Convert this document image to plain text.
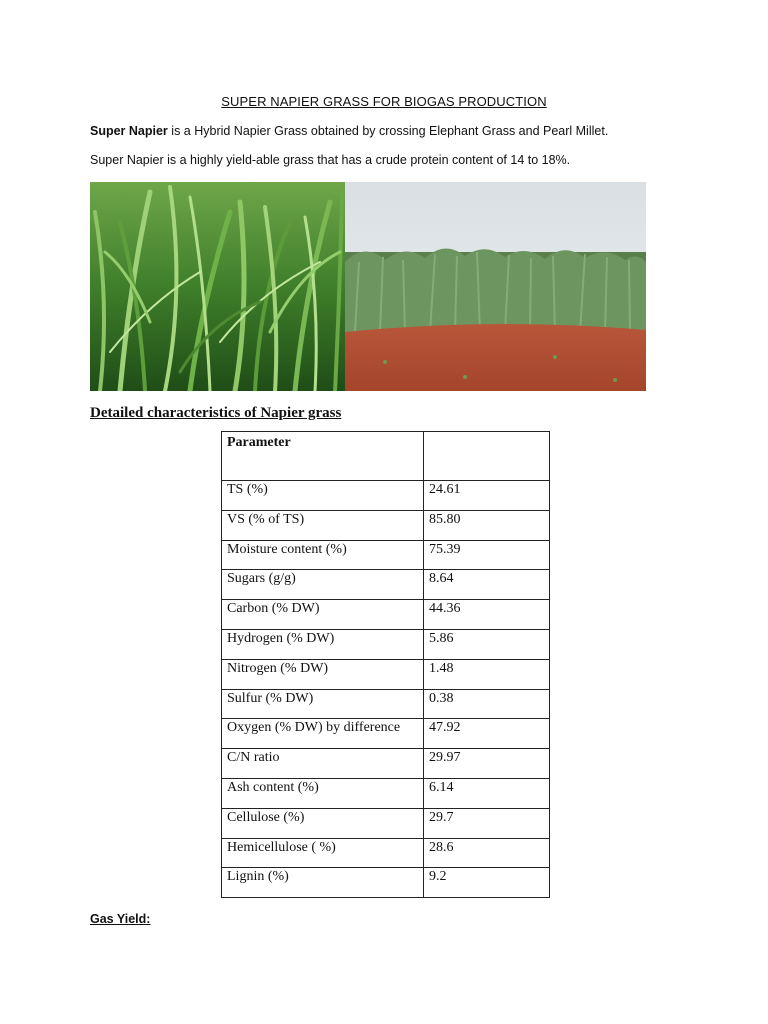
SUPER NAPIER GRASS FOR BIOGAS PRODUCTION
Super Napier is a Hybrid Napier Grass obtained by crossing Elephant Grass and Pearl Millet.
Super Napier is a highly yield-able grass that has a crude protein content of 14 to 18%.
Detailed characteristics of Napier grass
Parameter	
TS (%)	24.61
VS (% of TS)	85.80
Moisture content (%)	75.39
Sugars (g/g)	8.64
Carbon (% DW)	44.36
Hydrogen (% DW)	5.86
Nitrogen (% DW)	1.48
Sulfur (% DW)	0.38
Oxygen (% DW) by difference	47.92
C/N ratio	29.97
Ash content (%)	6.14
Cellulose (%)	29.7
Hemicellulose ( %)	28.6
Lignin (%)	9.2
Gas Yield:
